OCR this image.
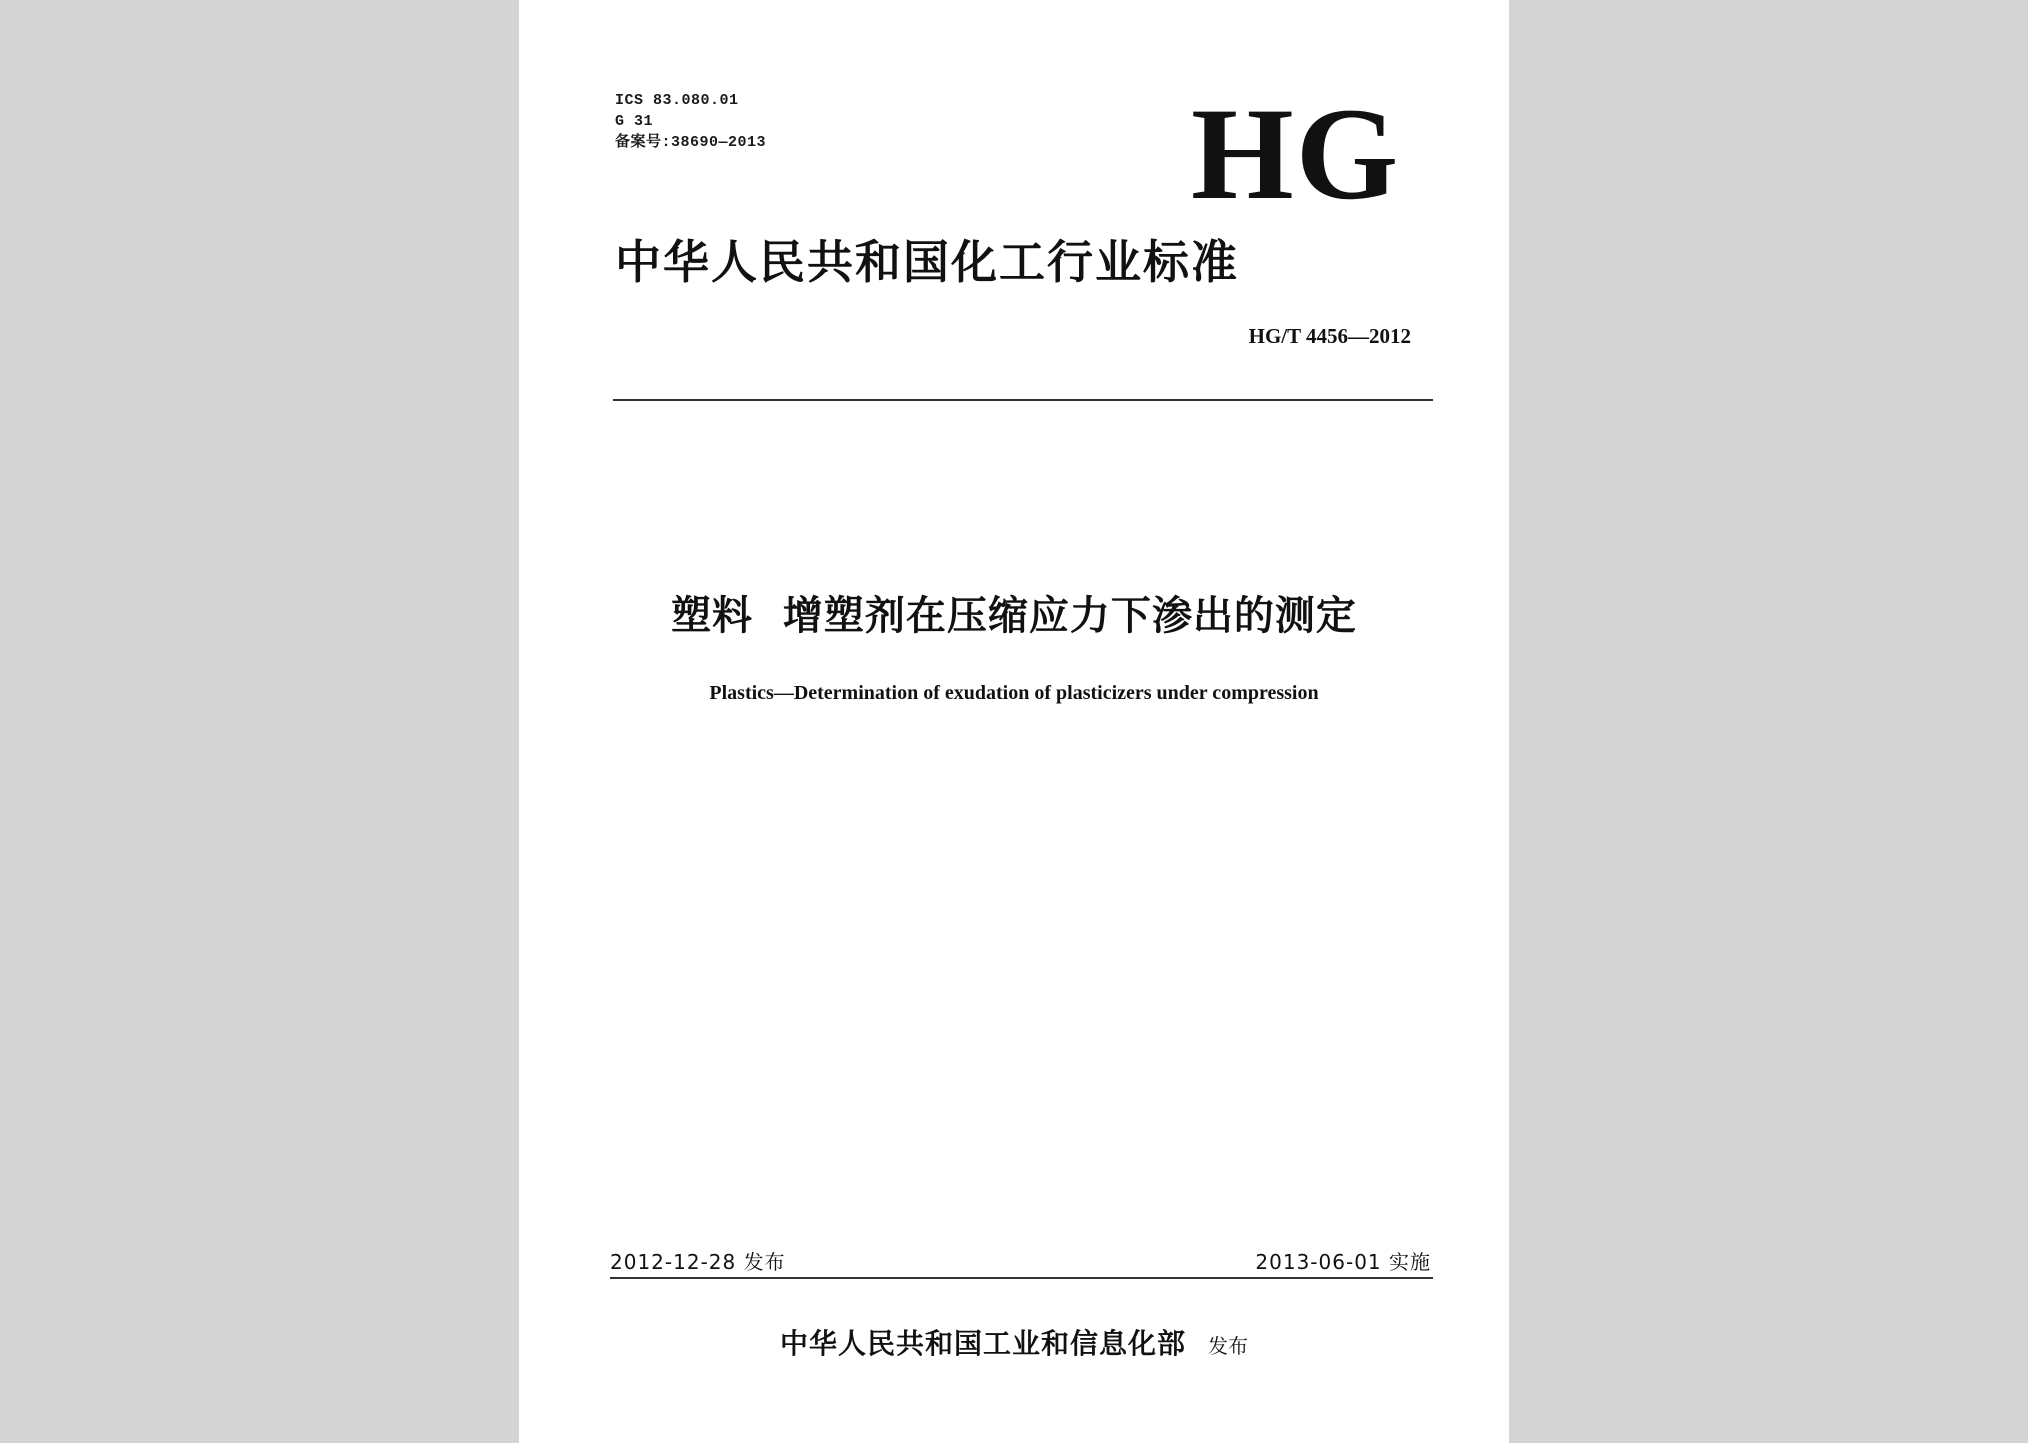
ICS 83.080.01
G 31
备案号:38690—2013	HG
中华人民共和国化工行业标准
HG/T 4456—2012
塑料  增塑剂在压缩应力下渗出的测定
Plastics—Determination of exudation of plasticizers under compression
2012-12-28 发布	2013-06-01 实施
中华人民共和国工业和信息化部 发布
